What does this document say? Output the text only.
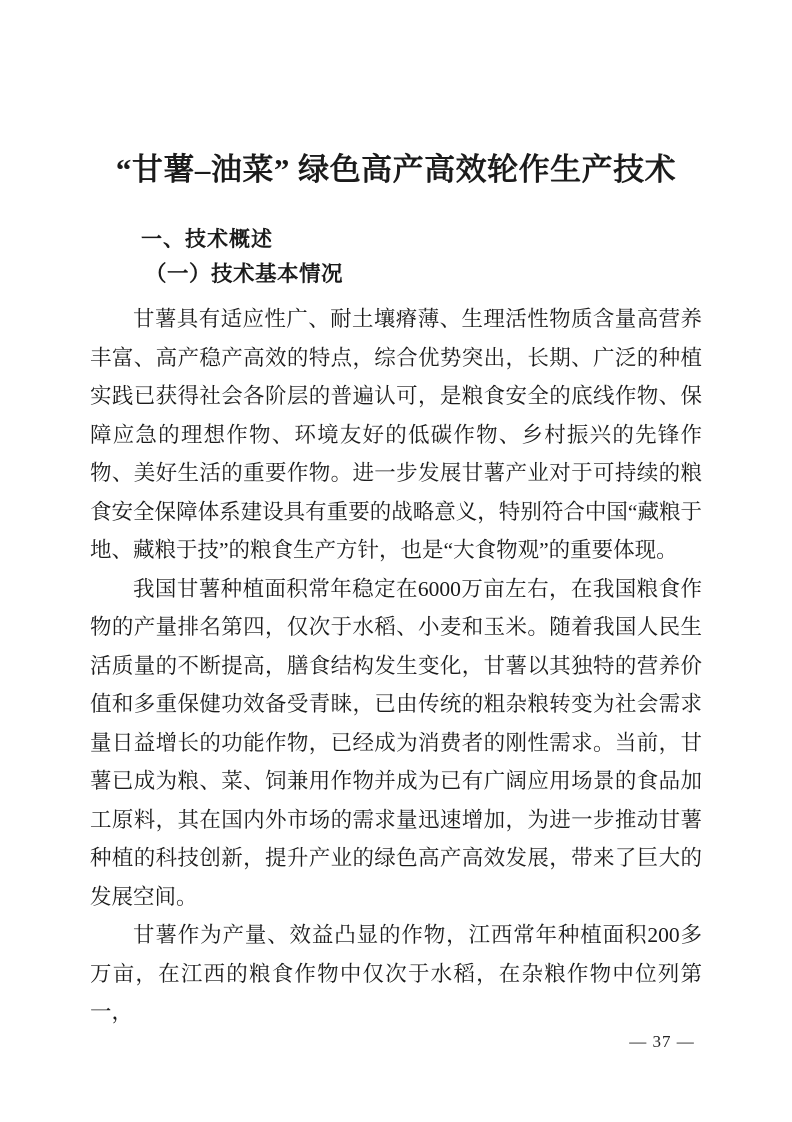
“甘薯–油菜” 绿色高产高效轮作生产技术
一、技术概述
（一）技术基本情况

甘薯具有适应性广、耐土壤瘠薄、生理活性物质含量高营养丰富、高产稳产高效的特点，综合优势突出，长期、广泛的种植实践已获得社会各阶层的普遍认可，是粮食安全的底线作物、保障应急的理想作物、环境友好的低碳作物、乡村振兴的先锋作物、美好生活的重要作物。进一步发展甘薯产业对于可持续的粮食安全保障体系建设具有重要的战略意义，特别符合中国“藏粮于地、藏粮于技”的粮食生产方针，也是“大食物观”的重要体现。

我国甘薯种植面积常年稳定在6000万亩左右，在我国粮食作物的产量排名第四，仅次于水稻、小麦和玉米。随着我国人民生活质量的不断提高，膳食结构发生变化，甘薯以其独特的营养价值和多重保健功效备受青睐，已由传统的粗杂粮转变为社会需求量日益增长的功能作物，已经成为消费者的刚性需求。当前，甘薯已成为粮、菜、饲兼用作物并成为已有广阔应用场景的食品加工原料，其在国内外市场的需求量迅速增加，为进一步推动甘薯种植的科技创新，提升产业的绿色高产高效发展，带来了巨大的发展空间。

甘薯作为产量、效益凸显的作物，江西常年种植面积200多万亩，在江西的粮食作物中仅次于水稻，在杂粮作物中位列第一，

— 37 —
